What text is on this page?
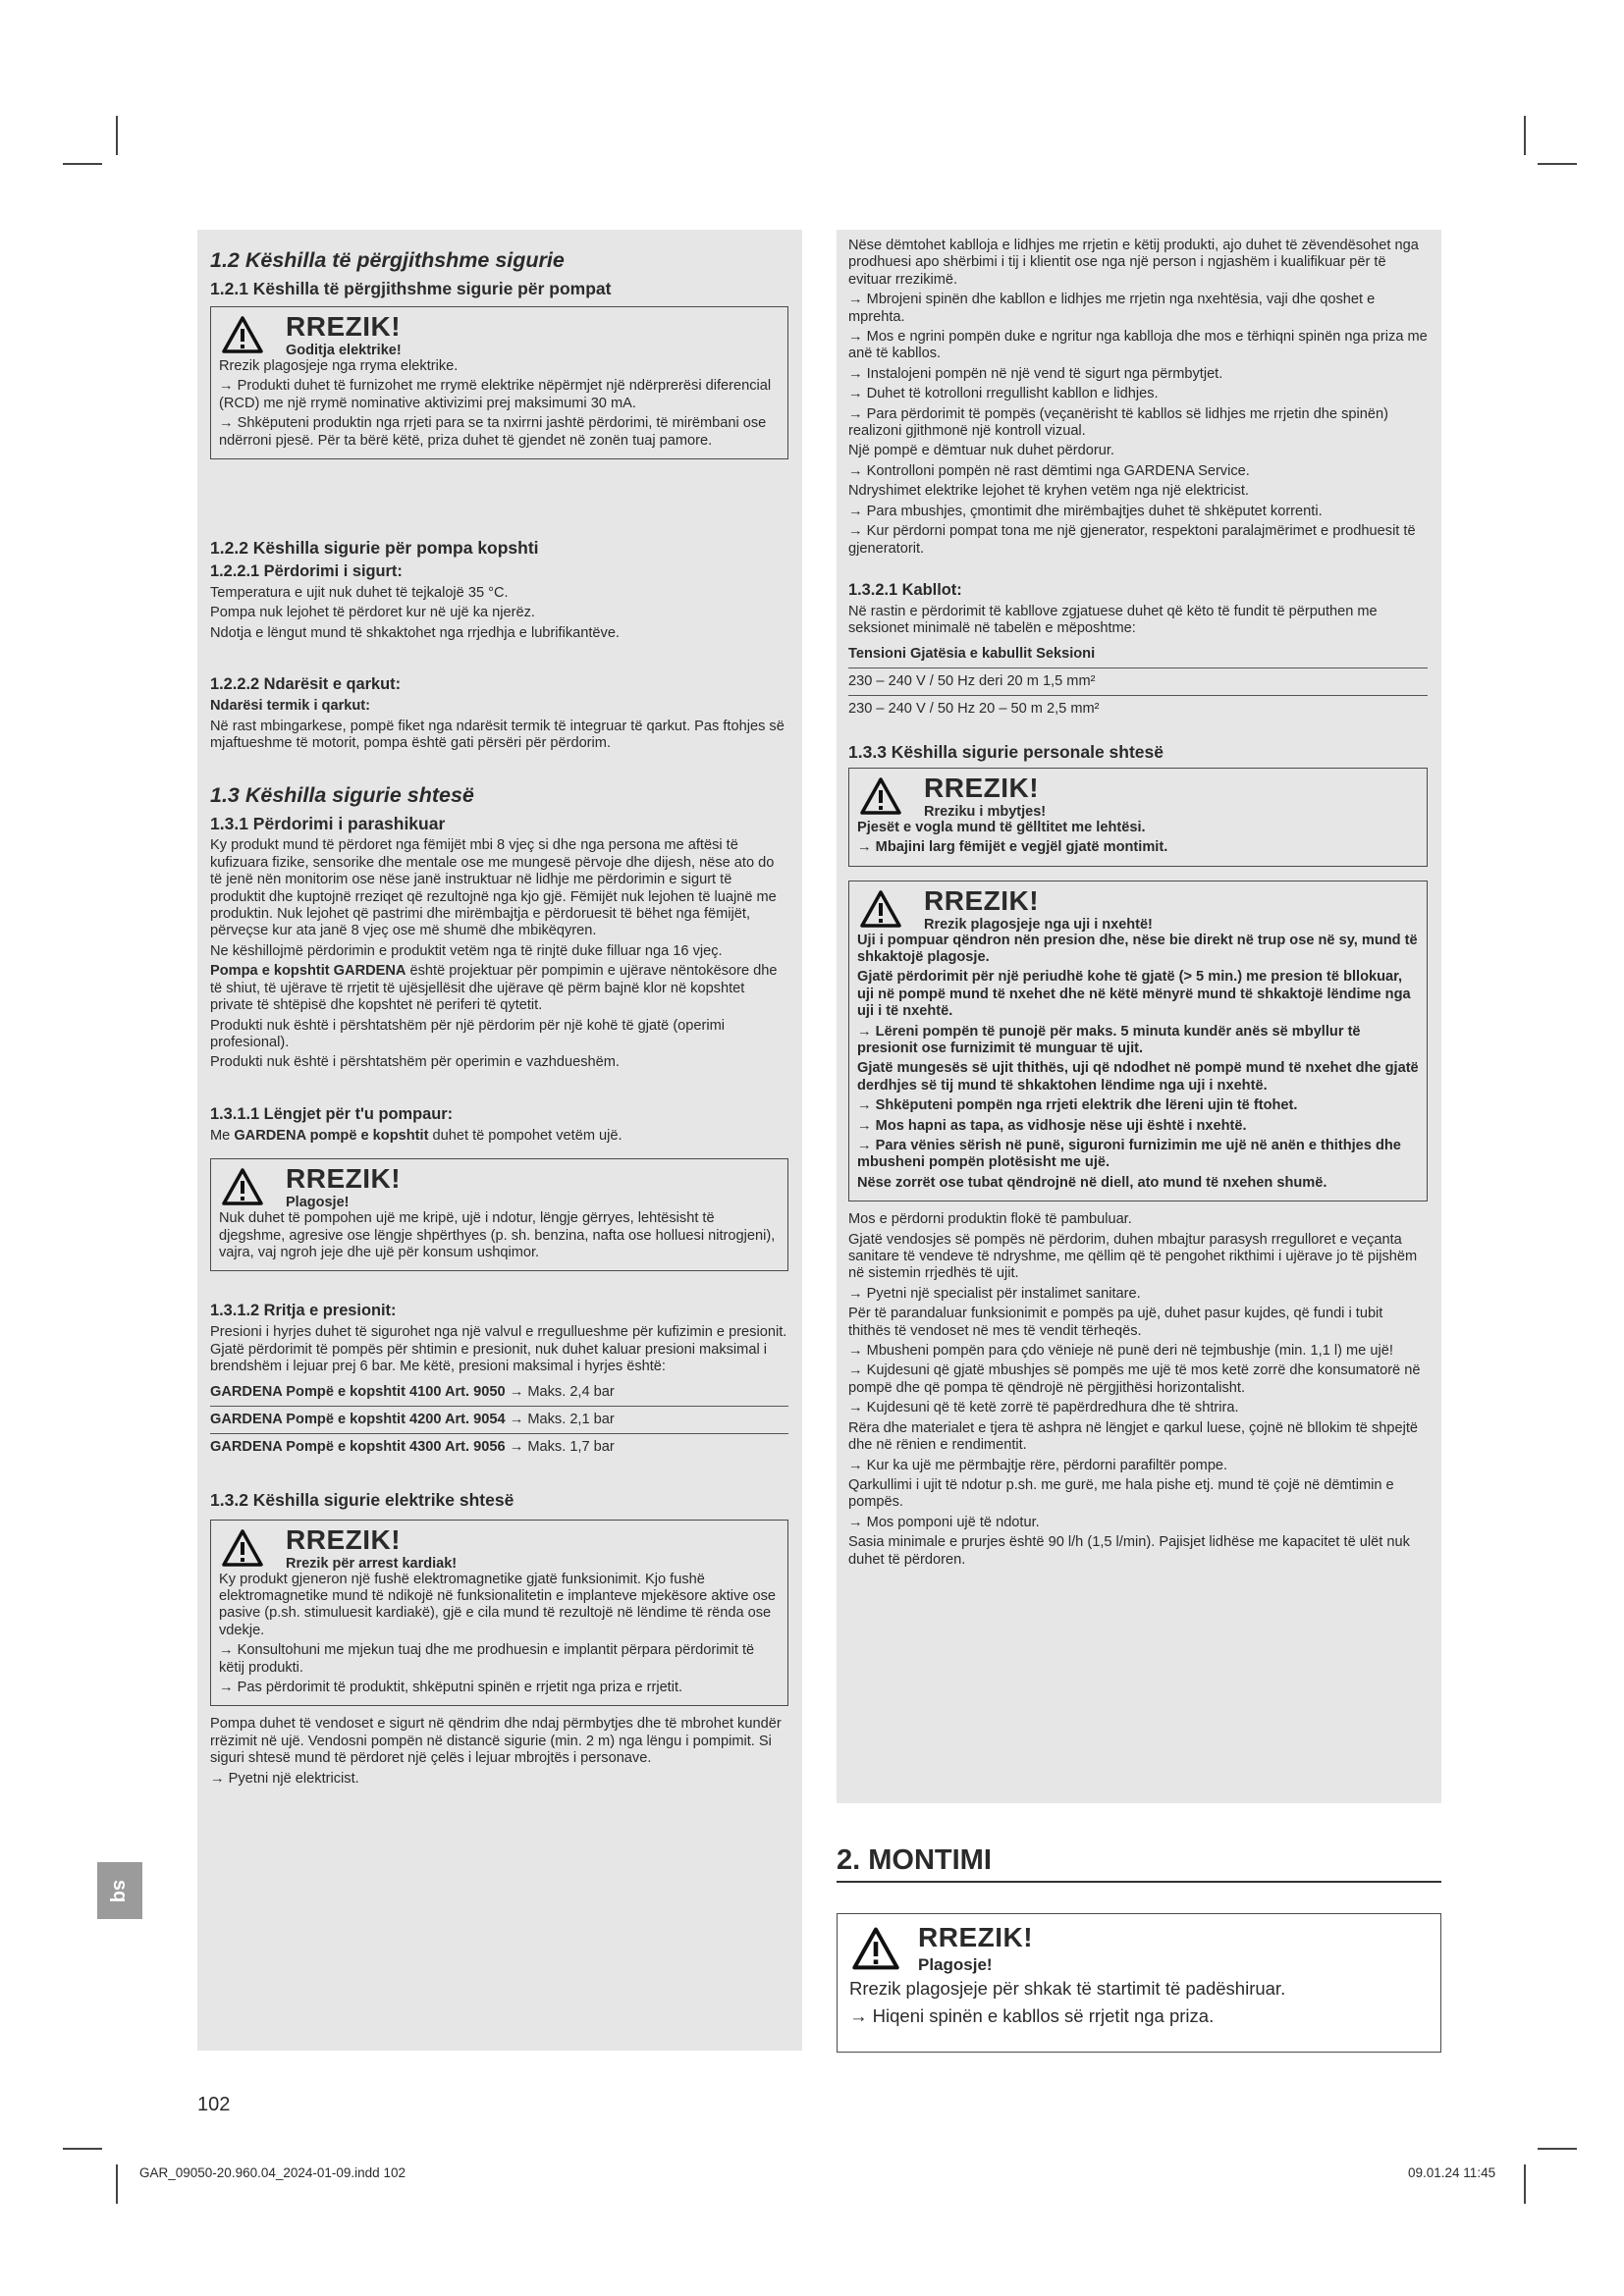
1.2 Këshilla të përgjithshme sigurie
1.2.1 Këshilla të përgjithshme sigurie për pompat
RREZIK!
Goditja elektrike!

Rrezik plagosjeje nga rryma elektrike.

→ Produkti duhet të furnizohet me rrymë elektrike nëpërmjet një ndërprerësi diferencial (RCD) me një rrymë nominative aktivizimi prej maksimumi 30 mA.

→ Shkëputeni produktin nga rrjeti para se ta nxirrni jashtë përdorimi, të mirëmbani ose ndërroni pjesë. Për ta bërë këtë, priza duhet të gjendet në zonën tuaj pamore.

1.2.2 Këshilla sigurie për pompa kopshti
1.2.2.1 Përdorimi i sigurt:

Temperatura e ujit nuk duhet të tejkalojë 35 °C.

Pompa nuk lejohet të përdoret kur në ujë ka njerëz.

Ndotja e lëngut mund të shkaktohet nga rrjedhja e lubrifikantëve.

1.2.2.2 Ndarësit e qarkut:

Ndarësi termik i qarkut:

Në rast mbingarkese, pompë fiket nga ndarësit termik të integruar të qarkut. Pas ftohjes së mjaftueshme të motorit, pompa është gati përsëri për përdorim.

1.3 Këshilla sigurie shtesë
1.3.1 Përdorimi i parashikuar

Ky produkt mund të përdoret nga fëmijët mbi 8 vjeç si dhe nga persona me aftësi të kufizuara fizike, sensorike dhe mentale ose me mungesë përvoje dhe dijesh, nëse ato do të jenë nën monitorim ose nëse janë instruktuar në lidhje me përdorimin e sigurt të produktit dhe kuptojnë rreziqet që rezultojnë nga kjo gjë. Fëmijët nuk lejohen të luajnë me produktin. Nuk lejohet që pastrimi dhe mirëmbajtja e përdoruesit të bëhet nga fëmijët, përveçse kur ata janë 8 vjeç ose më shumë dhe mbikëqyren.

Ne këshillojmë përdorimin e produktit vetëm nga të rinjtë duke filluar nga 16 vjeç.

Pompa e kopshtit GARDENA është projektuar për pompimin e ujërave nëntokësore dhe të shiut, të ujërave të rrjetit të ujësjellësit dhe ujërave që përm bajnë klor në kopshtet private të shtëpisë dhe kopshtet në periferi të qytetit.

Produkti nuk është i përshtatshëm për një përdorim për një kohë të gjatë (operimi profesional).

Produkti nuk është i përshtatshëm për operimin e vazhdueshëm.

1.3.1.1 Lëngjet për t'u pompaur:

Me GARDENA pompë e kopshtit duhet të pompohet vetëm ujë.

RREZIK!
Plagosje!

Nuk duhet të pompohen ujë me kripë, ujë i ndotur, lëngje gërryes, lehtësisht të djegshme, agresive ose lëngje shpërthyes (p. sh. benzina, nafta ose holluesi nitrogjeni), vajra, vaj ngroh jeje dhe ujë për konsum ushqimor.

1.3.1.2 Rritja e presionit:

Presioni i hyrjes duhet të sigurohet nga një valvul e rregullueshme për kufizimin e presionit. Gjatë përdorimit të pompës për shtimin e presionit, nuk duhet kaluar presioni maksimal i brendshëm i lejuar prej 6 bar. Me këtë, presioni maksimal i hyrjes është:

GARDENA Pompë e kopshtit 4100 Art. 9050 → Maks. 2,4 bar
GARDENA Pompë e kopshtit 4200 Art. 9054 → Maks. 2,1 bar
GARDENA Pompë e kopshtit 4300 Art. 9056 → Maks. 1,7 bar
1.3.2 Këshilla sigurie elektrike shtesë
RREZIK!
Rrezik për arrest kardiak!

Ky produkt gjeneron një fushë elektromagnetike gjatë funksionimit. Kjo fushë elektromagnetike mund të ndikojë në funksionalitetin e implanteve mjekësore aktive ose pasive (p.sh. stimuluesit kardiakë), gjë e cila mund të rezultojë në lëndime të rënda ose vdekje.

→ Konsultohuni me mjekun tuaj dhe me prodhuesin e implantit përpara përdorimit të këtij produkti.

→ Pas përdorimit të produktit, shkëputni spinën e rrjetit nga priza e rrjetit.

Pompa duhet të vendoset e sigurt në qëndrim dhe ndaj përmbytjes dhe të mbrohet kundër rrëzimit në ujë. Vendosni pompën në distancë sigurie (min. 2 m) nga lëngu i pompimit. Si siguri shtesë mund të përdoret një çelës i lejuar mbrojtës i personave.

→ Pyetni një elektricist.

Nëse dëmtohet kablloja e lidhjes me rrjetin e këtij produkti, ajo duhet të zëvendësohet nga prodhuesi apo shërbimi i tij i klientit ose nga një person i ngjashëm i kualifikuar për të evituar rrezikimë.

→ Mbrojeni spinën dhe kabllon e lidhjes me rrjetin nga nxehtësia, vaji dhe qoshet e mprehta.

→ Mos e ngrini pompën duke e ngritur nga kablloja dhe mos e tërhiqni spinën nga priza me anë të kabllos.

→ Instalojeni pompën në një vend të sigurt nga përmbytjet.

→ Duhet të kotrolloni rregullisht kabllon e lidhjes.

→ Para përdorimit të pompës (veçanërisht të kabllos së lidhjes me rrjetin dhe spinën) realizoni gjithmonë një kontroll vizual.

Një pompë e dëmtuar nuk duhet përdorur.

→ Kontrolloni pompën në rast dëmtimi nga GARDENA Service.

Ndryshimet elektrike lejohet të kryhen vetëm nga një elektricist.

→ Para mbushjes, çmontimit dhe mirëmbajtjes duhet të shkëputet korrenti.

→ Kur përdorni pompat tona me një gjenerator, respektoni paralajmërimet e prodhuesit të gjeneratorit.

1.3.2.1 Kabllot:

Në rastin e përdorimit të kabllove zgjatuese duhet që këto të fundit të përputhen me seksionet minimalë në tabelën e mëposhtme:

Tensioni Gjatësia e kabullit Seksioni
230 – 240 V / 50 Hz deri 20 m 1,5 mm²
230 – 240 V / 50 Hz 20 – 50 m 2,5 mm²
1.3.3 Këshilla sigurie personale shtesë
RREZIK!
Rreziku i mbytjes!

Pjesët e vogla mund të gëlltitet me lehtësi.

→ Mbajini larg fëmijët e vegjël gjatë montimit.

RREZIK!
Rrezik plagosjeje nga uji i nxehtë!

Uji i pompuar qëndron nën presion dhe, nëse bie direkt në trup ose në sy, mund të shkaktojë plagosje.

Gjatë përdorimit për një periudhë kohe të gjatë (> 5 min.) me presion të bllokuar, uji në pompë mund të nxehet dhe në këtë mënyrë mund të shkaktojë lëndime nga uji i të nxehtë.

→ Lëreni pompën të punojë për maks. 5 minuta kundër anës së mbyllur të presionit ose furnizimit të munguar të ujit.

Gjatë mungesës së ujit thithës, uji që ndodhet në pompë mund të nxehet dhe gjatë derdhjes së tij mund të shkaktohen lëndime nga uji i nxehtë.

→ Shkëputeni pompën nga rrjeti elektrik dhe lëreni ujin të ftohet.

→ Mos hapni as tapa, as vidhosje nëse uji është i nxehtë.

→ Para vënies sërish në punë, siguroni furnizimin me ujë në anën e thithjes dhe mbusheni pompën plotësisht me ujë.

Nëse zorrët ose tubat qëndrojnë në diell, ato mund të nxehen shumë.

Mos e përdorni produktin flokë të pambuluar.

Gjatë vendosjes së pompës në përdorim, duhen mbajtur parasysh rregulloret e veçanta sanitare të vendeve të ndryshme, me qëllim që të pengohet rikthimi i ujërave jo të pijshëm në sistemin rrjedhës të ujit.

→ Pyetni një specialist për instalimet sanitare.

Për të parandaluar funksionimit e pompës pa ujë, duhet pasur kujdes, që fundi i tubit thithës të vendoset në mes të vendit tërheqës.

→ Mbusheni pompën para çdo vënieje në punë deri në tejmbushje (min. 1,1 l) me ujë!

→ Kujdesuni që gjatë mbushjes së pompës me ujë të mos ketë zorrë dhe konsumatorë në pompë dhe që pompa të qëndrojë në përgjithësi horizontalisht.

→ Kujdesuni që të ketë zorrë të papërdredhura dhe të shtrira.

Rëra dhe materialet e tjera të ashpra në lëngjet e qarkul luese, çojnë në bllokim të shpejtë dhe në rënien e rendimentit.

→ Kur ka ujë me përmbajtje rëre, përdorni parafiltër pompe.

Qarkullimi i ujit të ndotur p.sh. me gurë, me hala pishe etj. mund të çojë në dëmtimin e pompës.

→ Mos pomponi ujë të ndotur.

Sasia minimale e prurjes është 90 l/h (1,5 l/min). Pajisjet lidhëse me kapacitet të ulët nuk duhet të përdoren.

2. MONTIMI
RREZIK!
Plagosje!

Rrezik plagosjeje për shkak të startimit të padëshiruar.

→ Hiqeni spinën e kabllos së rrjetit nga priza.

sq
102
GAR_09050-20.960.04_2024-01-09.indd 102	09.01.24 11:45
